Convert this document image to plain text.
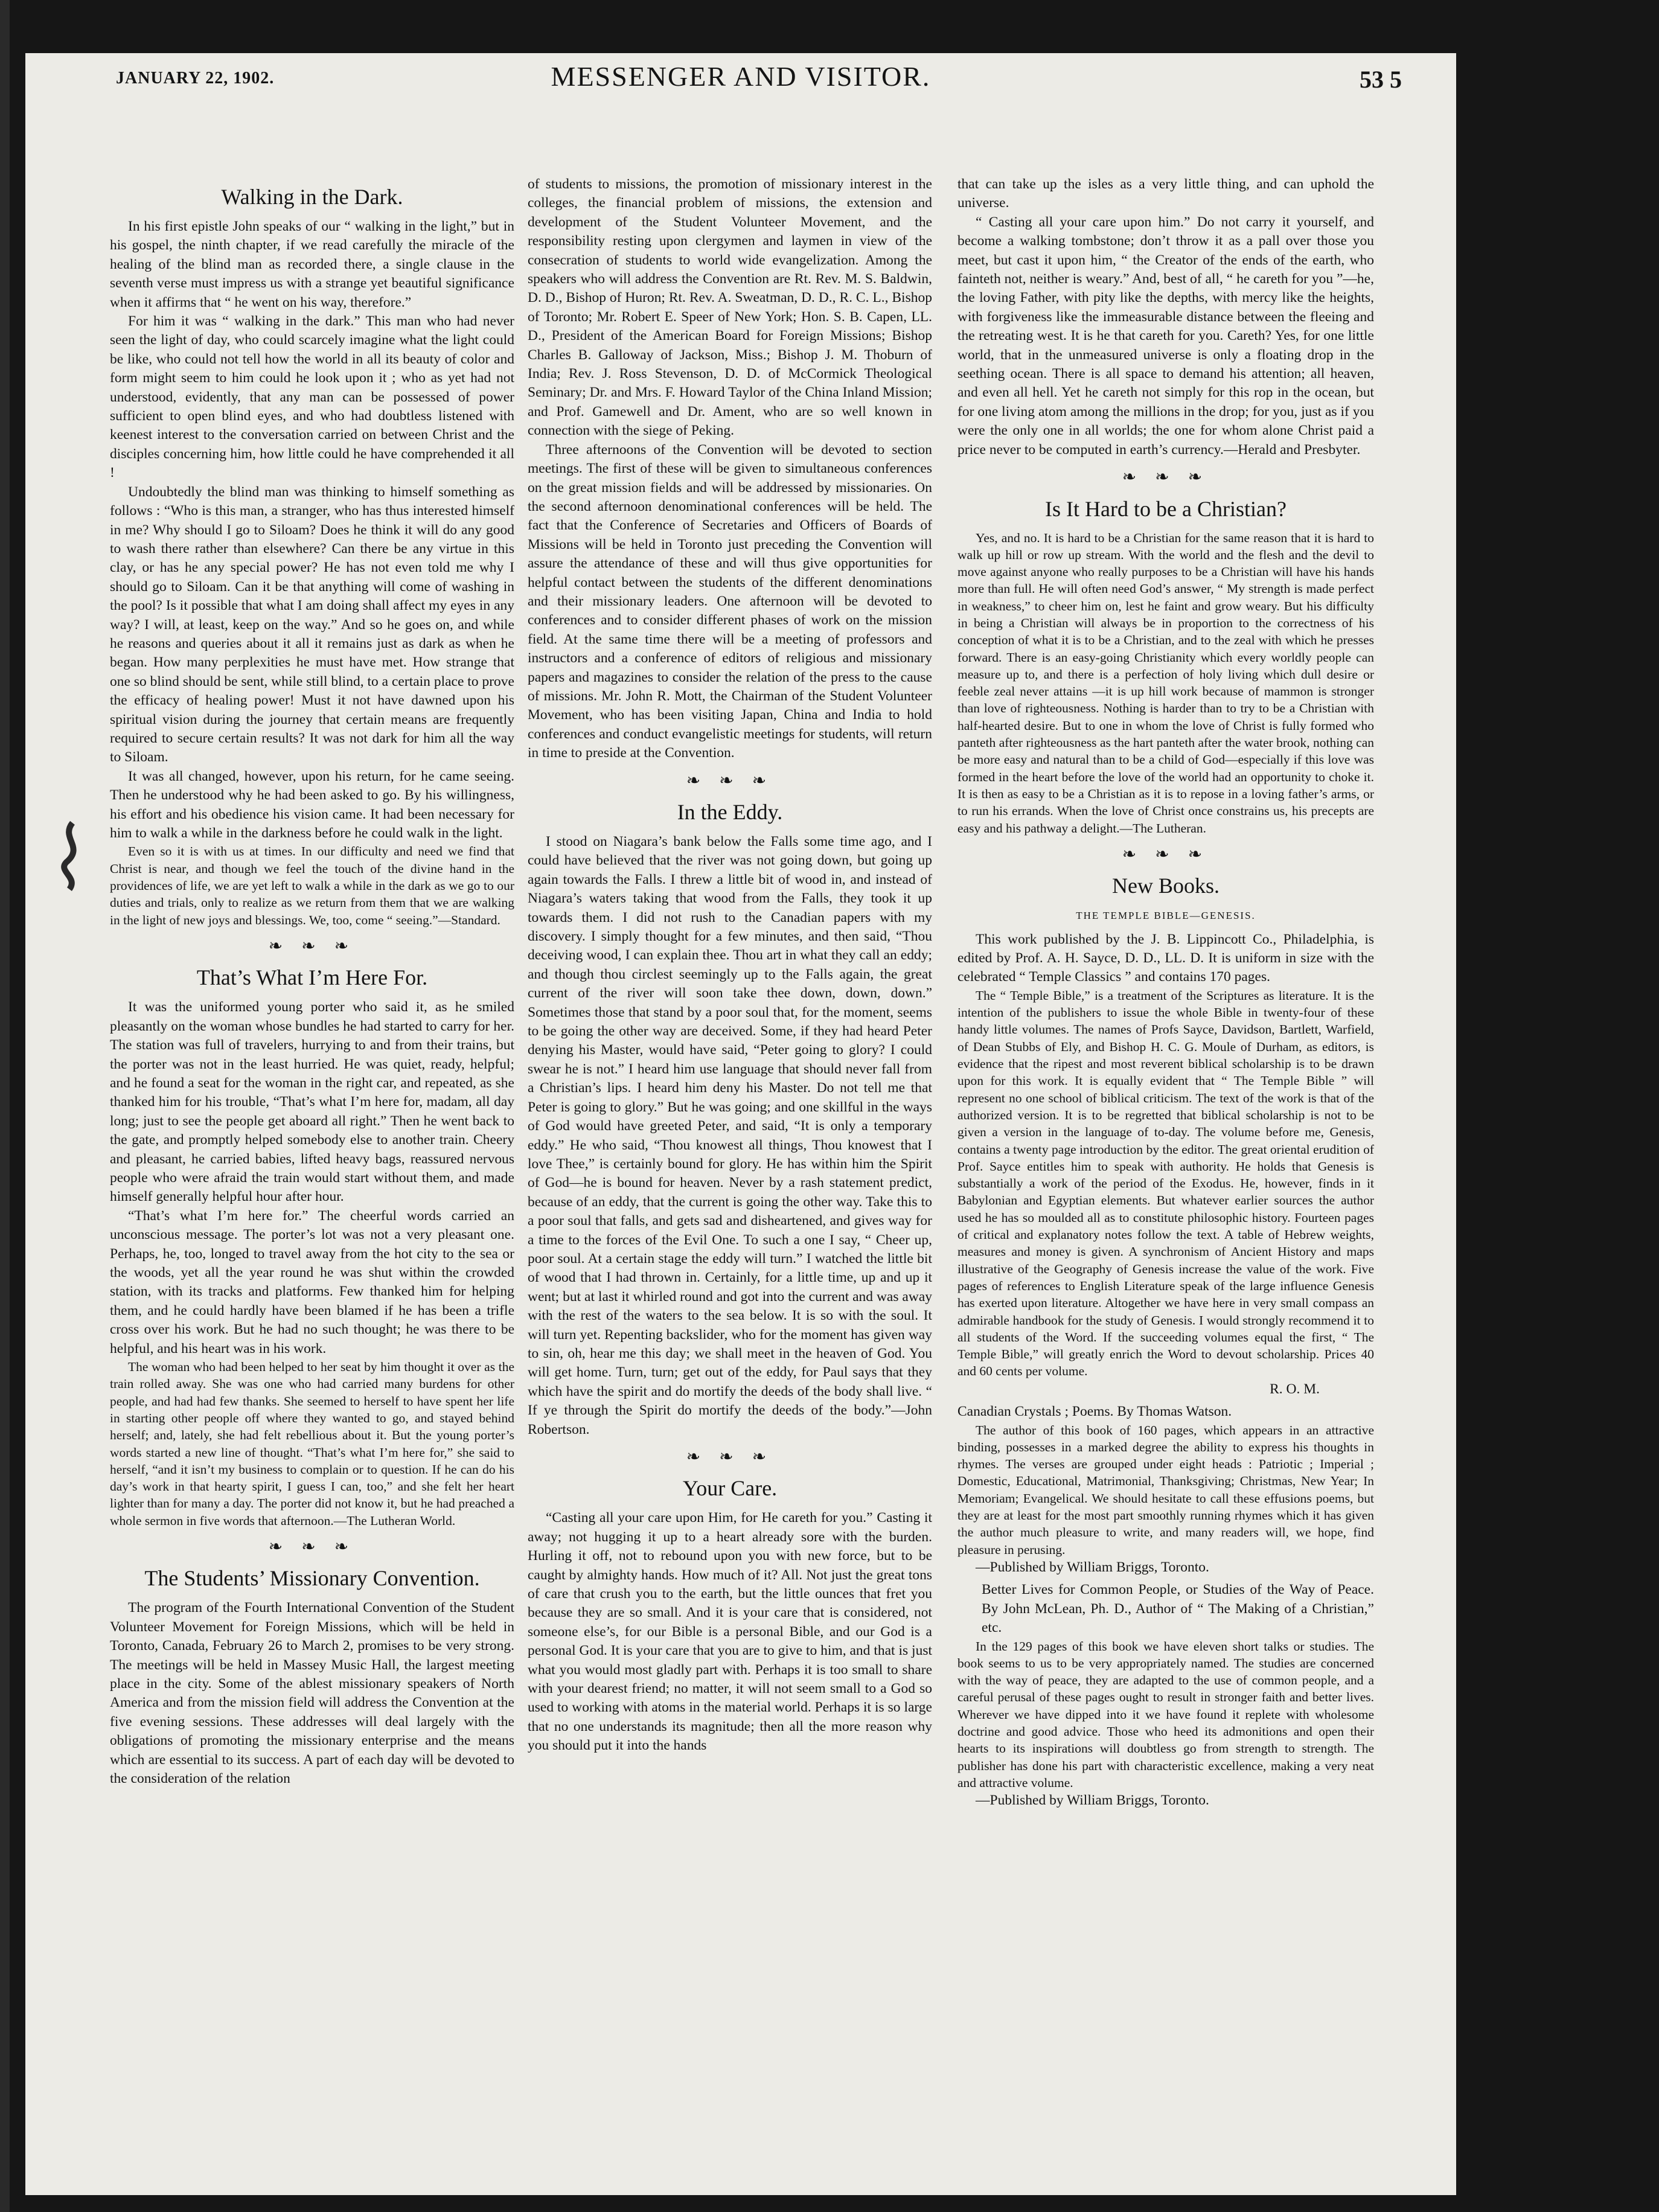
JANUARY 22, 1902.	MESSENGER AND VISITOR.	53 5
Walking in the Dark.

In his first epistle John speaks of our “ walking in the light,” but in his gospel, the ninth chapter, if we read carefully the miracle of the healing of the blind man as recorded there, a single clause in the seventh verse must impress us with a strange yet beautiful significance when it affirms that “ he went on his way, therefore.”

For him it was “ walking in the dark.” This man who had never seen the light of day, who could scarcely imagine what the light could be like, who could not tell how the world in all its beauty of color and form might seem to him could he look upon it ; who as yet had not understood, evidently, that any man can be possessed of power sufficient to open blind eyes, and who had doubtless listened with keenest interest to the conversation carried on between Christ and the disciples concerning him, how little could he have comprehended it all !

Undoubtedly the blind man was thinking to himself something as follows : “Who is this man, a stranger, who has thus interested himself in me? Why should I go to Siloam? Does he think it will do any good to wash there rather than elsewhere? Can there be any virtue in this clay, or has he any special power? He has not even told me why I should go to Siloam. Can it be that anything will come of washing in the pool? Is it possible that what I am doing shall affect my eyes in any way? I will, at least, keep on the way.” And so he goes on, and while he reasons and queries about it all it remains just as dark as when he began. How many perplexities he must have met. How strange that one so blind should be sent, while still blind, to a certain place to prove the efficacy of healing power! Must it not have dawned upon his spiritual vision during the journey that certain means are frequently required to secure certain results? It was not dark for him all the way to Siloam.

It was all changed, however, upon his return, for he came seeing. Then he understood why he had been asked to go. By his willingness, his effort and his obedience his vision came. It had been necessary for him to walk a while in the darkness before he could walk in the light.

Even so it is with us at times. In our difficulty and need we find that Christ is near, and though we feel the touch of the divine hand in the providences of life, we are yet left to walk a while in the dark as we go to our duties and trials, only to realize as we return from them that we are walking in the light of new joys and blessings. We, too, come “ seeing.”—Standard.

❧ ❧ ❧
That’s What I’m Here For.

It was the uniformed young porter who said it, as he smiled pleasantly on the woman whose bundles he had started to carry for her. The station was full of travelers, hurrying to and from their trains, but the porter was not in the least hurried. He was quiet, ready, helpful; and he found a seat for the woman in the right car, and repeated, as she thanked him for his trouble, “That’s what I’m here for, madam, all day long; just to see the people get aboard all right.” Then he went back to the gate, and promptly helped somebody else to another train. Cheery and pleasant, he carried babies, lifted heavy bags, reassured nervous people who were afraid the train would start without them, and made himself generally helpful hour after hour.

“That’s what I’m here for.” The cheerful words carried an unconscious message. The porter’s lot was not a very pleasant one. Perhaps, he, too, longed to travel away from the hot city to the sea or the woods, yet all the year round he was shut within the crowded station, with its tracks and platforms. Few thanked him for helping them, and he could hardly have been blamed if he has been a trifle cross over his work. But he had no such thought; he was there to be helpful, and his heart was in his work.

The woman who had been helped to her seat by him thought it over as the train rolled away. She was one who had carried many burdens for other people, and had had few thanks. She seemed to herself to have spent her life in starting other people off where they wanted to go, and stayed behind herself; and, lately, she had felt rebellious about it. But the young porter’s words started a new line of thought. “That’s what I’m here for,” she said to herself, “and it isn’t my business to complain or to question. If he can do his day’s work in that hearty spirit, I guess I can, too,” and she felt her heart lighter than for many a day. The porter did not know it, but he had preached a whole sermon in five words that afternoon.—The Lutheran World.

❧ ❧ ❧
The Students’ Missionary Convention.

The program of the Fourth International Convention of the Student Volunteer Movement for Foreign Missions, which will be held in Toronto, Canada, February 26 to March 2, promises to be very strong. The meetings will be held in Massey Music Hall, the largest meeting place in the city. Some of the ablest missionary speakers of North America and from the mission field will address the Convention at the five evening sessions. These addresses will deal largely with the obligations of promoting the missionary enterprise and the means which are essential to its success. A part of each day will be devoted to the consideration of the relation

of students to missions, the promotion of missionary interest in the colleges, the financial problem of missions, the extension and development of the Student Volunteer Movement, and the responsibility resting upon clergymen and laymen in view of the consecration of students to world wide evangelization. Among the speakers who will address the Convention are Rt. Rev. M. S. Baldwin, D. D., Bishop of Huron; Rt. Rev. A. Sweatman, D. D., R. C. L., Bishop of Toronto; Mr. Robert E. Speer of New York; Hon. S. B. Capen, LL. D., President of the American Board for Foreign Missions; Bishop Charles B. Galloway of Jackson, Miss.; Bishop J. M. Thoburn of India; Rev. J. Ross Stevenson, D. D. of McCormick Theological Seminary; Dr. and Mrs. F. Howard Taylor of the China Inland Mission; and Prof. Gamewell and Dr. Ament, who are so well known in connection with the siege of Peking.

Three afternoons of the Convention will be devoted to section meetings. The first of these will be given to simultaneous conferences on the great mission fields and will be addressed by missionaries. On the second afternoon denominational conferences will be held. The fact that the Conference of Secretaries and Officers of Boards of Missions will be held in Toronto just preceding the Convention will assure the attendance of these and will thus give opportunities for helpful contact between the students of the different denominations and their missionary leaders. One afternoon will be devoted to conferences and to consider different phases of work on the mission field. At the same time there will be a meeting of professors and instructors and a conference of editors of religious and missionary papers and magazines to consider the relation of the press to the cause of missions. Mr. John R. Mott, the Chairman of the Student Volunteer Movement, who has been visiting Japan, China and India to hold conferences and conduct evangelistic meetings for students, will return in time to preside at the Convention.

❧ ❧ ❧
In the Eddy.

I stood on Niagara’s bank below the Falls some time ago, and I could have believed that the river was not going down, but going up again towards the Falls. I threw a little bit of wood in, and instead of Niagara’s waters taking that wood from the Falls, they took it up towards them. I did not rush to the Canadian papers with my discovery. I simply thought for a few minutes, and then said, “Thou deceiving wood, I can explain thee. Thou art in what they call an eddy; and though thou circlest seemingly up to the Falls again, the great current of the river will soon take thee down, down, down.” Sometimes those that stand by a poor soul that, for the moment, seems to be going the other way are deceived. Some, if they had heard Peter denying his Master, would have said, “Peter going to glory? I could swear he is not.” I heard him use language that should never fall from a Christian’s lips. I heard him deny his Master. Do not tell me that Peter is going to glory.” But he was going; and one skillful in the ways of God would have greeted Peter, and said, “It is only a temporary eddy.” He who said, “Thou knowest all things, Thou knowest that I love Thee,” is certainly bound for glory. He has within him the Spirit of God—he is bound for heaven. Never by a rash statement predict, because of an eddy, that the current is going the other way. Take this to a poor soul that falls, and gets sad and disheartened, and gives way for a time to the forces of the Evil One. To such a one I say, “ Cheer up, poor soul. At a certain stage the eddy will turn.” I watched the little bit of wood that I had thrown in. Certainly, for a little time, up and up it went; but at last it whirled round and got into the current and was away with the rest of the waters to the sea below. It is so with the soul. It will turn yet. Repenting backslider, who for the moment has given way to sin, oh, hear me this day; we shall meet in the heaven of God. You will get home. Turn, turn; get out of the eddy, for Paul says that they which have the spirit and do mortify the deeds of the body shall live. “ If ye through the Spirit do mortify the deeds of the body.”—John Robertson.

❧ ❧ ❧
Your Care.

“Casting all your care upon Him, for He careth for you.” Casting it away; not hugging it up to a heart already sore with the burden. Hurling it off, not to rebound upon you with new force, but to be caught by almighty hands. How much of it? All. Not just the great tons of care that crush you to the earth, but the little ounces that fret you because they are so small. And it is your care that is considered, not someone else’s, for our Bible is a personal Bible, and our God is a personal God. It is your care that you are to give to him, and that is just what you would most gladly part with. Perhaps it is too small to share with your dearest friend; no matter, it will not seem small to a God so used to working with atoms in the material world. Perhaps it is so large that no one understands its magnitude; then all the more reason why you should put it into the hands

that can take up the isles as a very little thing, and can uphold the universe.

“ Casting all your care upon him.” Do not carry it yourself, and become a walking tombstone; don’t throw it as a pall over those you meet, but cast it upon him, “ the Creator of the ends of the earth, who fainteth not, neither is weary.” And, best of all, “ he careth for you ”—he, the loving Father, with pity like the depths, with mercy like the heights, with forgiveness like the immeasurable distance between the fleeing and the retreating west. It is he that careth for you. Careth? Yes, for one little world, that in the unmeasured universe is only a floating drop in the seething ocean. There is all space to demand his attention; all heaven, and even all hell. Yet he careth not simply for this rop in the ocean, but for one living atom among the millions in the drop; for you, just as if you were the only one in all worlds; the one for whom alone Christ paid a price never to be computed in earth’s currency.—Herald and Presbyter.

❧ ❧ ❧
Is It Hard to be a Christian?

Yes, and no. It is hard to be a Christian for the same reason that it is hard to walk up hill or row up stream. With the world and the flesh and the devil to move against anyone who really purposes to be a Christian will have his hands more than full. He will often need God’s answer, “ My strength is made perfect in weakness,” to cheer him on, lest he faint and grow weary. But his difficulty in being a Christian will always be in proportion to the correctness of his conception of what it is to be a Christian, and to the zeal with which he presses forward. There is an easy-going Christianity which every worldly people can measure up to, and there is a perfection of holy living which dull desire or feeble zeal never attains —it is up hill work because of mammon is stronger than love of righteousness. Nothing is harder than to try to be a Christian with half-hearted desire. But to one in whom the love of Christ is fully formed who panteth after righteousness as the hart panteth after the water brook, nothing can be more easy and natural than to be a child of God—especially if this love was formed in the heart before the love of the world had an opportunity to choke it. It is then as easy to be a Christian as it is to repose in a loving father’s arms, or to run his errands. When the love of Christ once constrains us, his precepts are easy and his pathway a delight.—The Lutheran.

❧ ❧ ❧
New Books.
THE TEMPLE BIBLE—GENESIS.

This work published by the J. B. Lippincott Co., Philadelphia, is edited by Prof. A. H. Sayce, D. D., LL. D. It is uniform in size with the celebrated “ Temple Classics ” and contains 170 pages.

The “ Temple Bible,” is a treatment of the Scriptures as literature. It is the intention of the publishers to issue the whole Bible in twenty-four of these handy little volumes. The names of Profs Sayce, Davidson, Bartlett, Warfield, of Dean Stubbs of Ely, and Bishop H. C. G. Moule of Durham, as editors, is evidence that the ripest and most reverent biblical scholarship is to be drawn upon for this work. It is equally evident that “ The Temple Bible ” will represent no one school of biblical criticism. The text of the work is that of the authorized version. It is to be regretted that biblical scholarship is not to be given a version in the language of to-day. The volume before me, Genesis, contains a twenty page introduction by the editor. The great oriental erudition of Prof. Sayce entitles him to speak with authority. He holds that Genesis is substantially a work of the period of the Exodus. He, however, finds in it Babylonian and Egyptian elements. But whatever earlier sources the author used he has so moulded all as to constitute philosophic history. Fourteen pages of critical and explanatory notes follow the text. A table of Hebrew weights, measures and money is given. A synchronism of Ancient History and maps illustrative of the Geography of Genesis increase the value of the work. Five pages of references to English Literature speak of the large influence Genesis has exerted upon literature. Altogether we have here in very small compass an admirable handbook for the study of Genesis. I would strongly recommend it to all students of the Word. If the succeeding volumes equal the first, “ The Temple Bible,” will greatly enrich the Word to devout scholarship. Prices 40 and 60 cents per volume.

R. O. M.

Canadian Crystals ; Poems. By Thomas Watson.

The author of this book of 160 pages, which appears in an attractive binding, possesses in a marked degree the ability to express his thoughts in rhymes. The verses are grouped under eight heads : Patriotic ; Imperial ; Domestic, Educational, Matrimonial, Thanksgiving; Christmas, New Year; In Memoriam; Evangelical. We should hesitate to call these effusions poems, but they are at least for the most part smoothly running rhymes which it has given the author much pleasure to write, and many readers will, we hope, find pleasure in perusing.

—Published by William Briggs, Toronto.

Better Lives for Common People, or Studies of the Way of Peace. By John McLean, Ph. D., Author of “ The Making of a Christian,” etc.

In the 129 pages of this book we have eleven short talks or studies. The book seems to us to be very appropriately named. The studies are concerned with the way of peace, they are adapted to the use of common people, and a careful perusal of these pages ought to result in stronger faith and better lives. Wherever we have dipped into it we have found it replete with wholesome doctrine and good advice. Those who heed its admonitions and open their hearts to its inspirations will doubtless go from strength to strength. The publisher has done his part with characteristic excellence, making a very neat and attractive volume.

—Published by William Briggs, Toronto.
